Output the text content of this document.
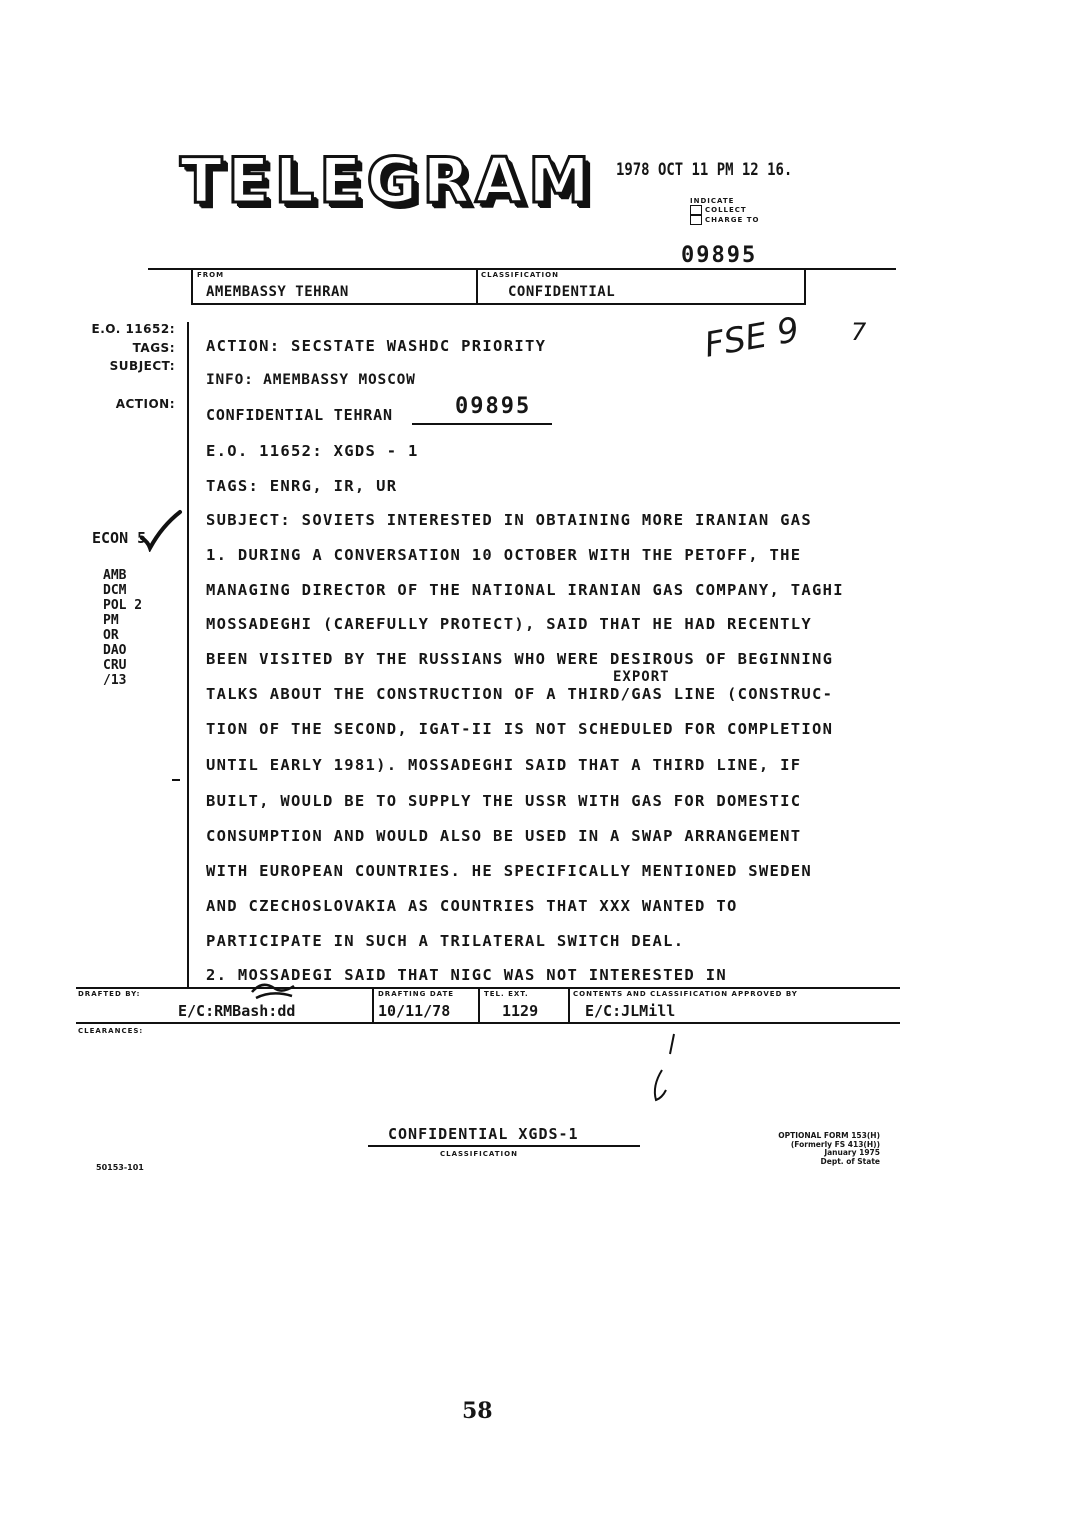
TELEGRAM 1978 OCT 11 PM 12 16.
INDICATE
COLLECT
CHARGE TO
09895
FROM
AMEMBASSY TEHRAN
CLASSIFICATION
CONFIDENTIAL
E.O. 11652:
TAGS:
SUBJECT:
ACTION:
ECON 5
AMB
DCM
POL 2
PM
OR
DAO
CRU
/13
ACTION: SECSTATE WASHDC PRIORITY	FSE 9 7
INFO: AMEMBASSY MOSCOW
CONFIDENTIAL TEHRAN	09895
E.O. 11652: XGDS - 1
TAGS: ENRG, IR, UR
SUBJECT: SOVIETS INTERESTED IN OBTAINING MORE IRANIAN GAS
1. DURING A CONVERSATION 10 OCTOBER WITH THE PETOFF, THE
MANAGING DIRECTOR OF THE NATIONAL IRANIAN GAS COMPANY, TAGHI
MOSSADEGHI (CAREFULLY PROTECT), SAID THAT HE HAD RECENTLY
BEEN VISITED BY THE RUSSIANS WHO WERE DESIROUS OF BEGINNING
EXPORT
TALKS ABOUT THE CONSTRUCTION OF A THIRD/GAS LINE (CONSTRUC-
TION OF THE SECOND, IGAT-II IS NOT SCHEDULED FOR COMPLETION
UNTIL EARLY 1981). MOSSADEGHI SAID THAT A THIRD LINE, IF
BUILT, WOULD BE TO SUPPLY THE USSR WITH GAS FOR DOMESTIC
CONSUMPTION AND WOULD ALSO BE USED IN A SWAP ARRANGEMENT
WITH EUROPEAN COUNTRIES. HE SPECIFICALLY MENTIONED SWEDEN
AND CZECHOSLOVAKIA AS COUNTRIES THAT XXX WANTED TO
PARTICIPATE IN SUCH A TRILATERAL SWITCH DEAL.
2. MOSSADEGI SAID THAT NIGC WAS NOT INTERESTED IN
DRAFTED BY:
E/C:RMBash:dd
DRAFTING DATE
10/11/78
TEL. EXT.
1129
CONTENTS AND CLASSIFICATION APPROVED BY
E/C:JLMill
CLEARANCES:
CONFIDENTIAL XGDS-1
CLASSIFICATION
OPTIONAL FORM 153(H)
(Formerly FS 413(H))
January 1975
Dept. of State
50153-101
58
